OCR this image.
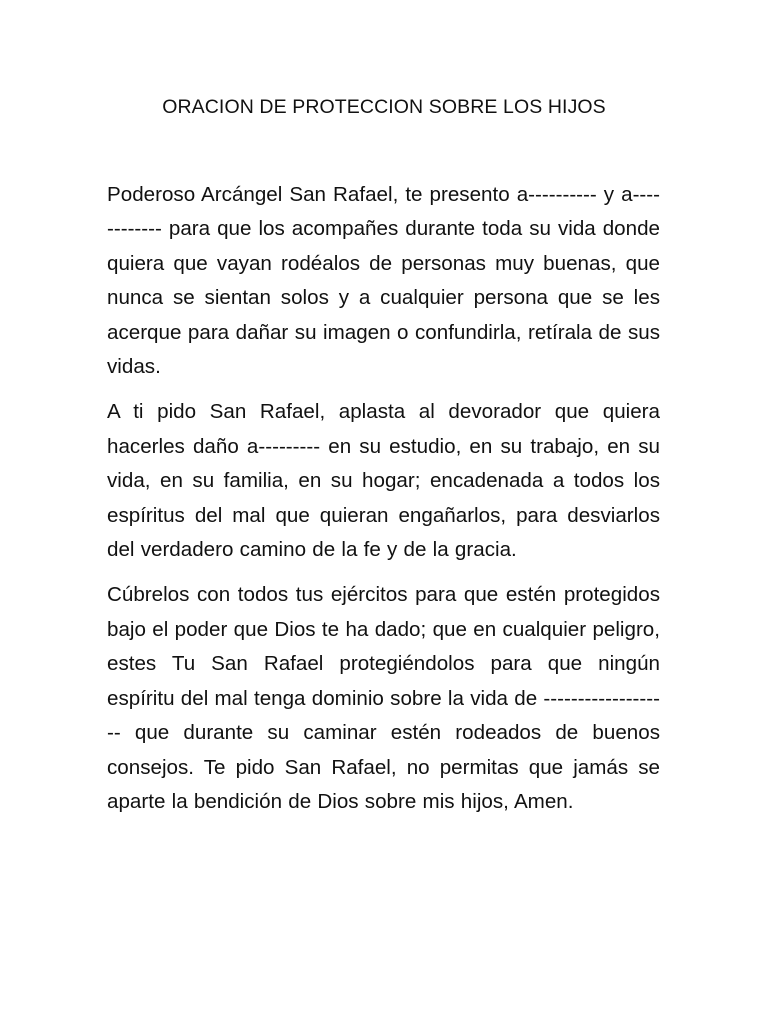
ORACION DE PROTECCION SOBRE LOS HIJOS

Poderoso Arcángel San Rafael, te presento a---------- y a------------ para que los acompañes durante toda su vida donde quiera que vayan rodéalos de personas muy buenas, que nunca se sientan solos y a cualquier persona que se les acerque para dañar su imagen o confundirla, retírala de sus vidas.

A ti pido San Rafael, aplasta al devorador que quiera hacerles daño a--------- en su estudio, en su trabajo, en su vida, en su familia, en su hogar; encadenada a todos los espíritus del mal que quieran engañarlos, para desviarlos del verdadero camino de la fe y de la gracia.

Cúbrelos con todos tus ejércitos para que estén protegidos bajo el poder que Dios te ha dado; que en cualquier peligro, estes Tu San Rafael protegiéndolos para que ningún espíritu del mal tenga dominio sobre la vida de ------------------- que durante su caminar estén rodeados de buenos consejos. Te pido San Rafael, no permitas que jamás se aparte la bendición de Dios sobre mis hijos, Amen.
